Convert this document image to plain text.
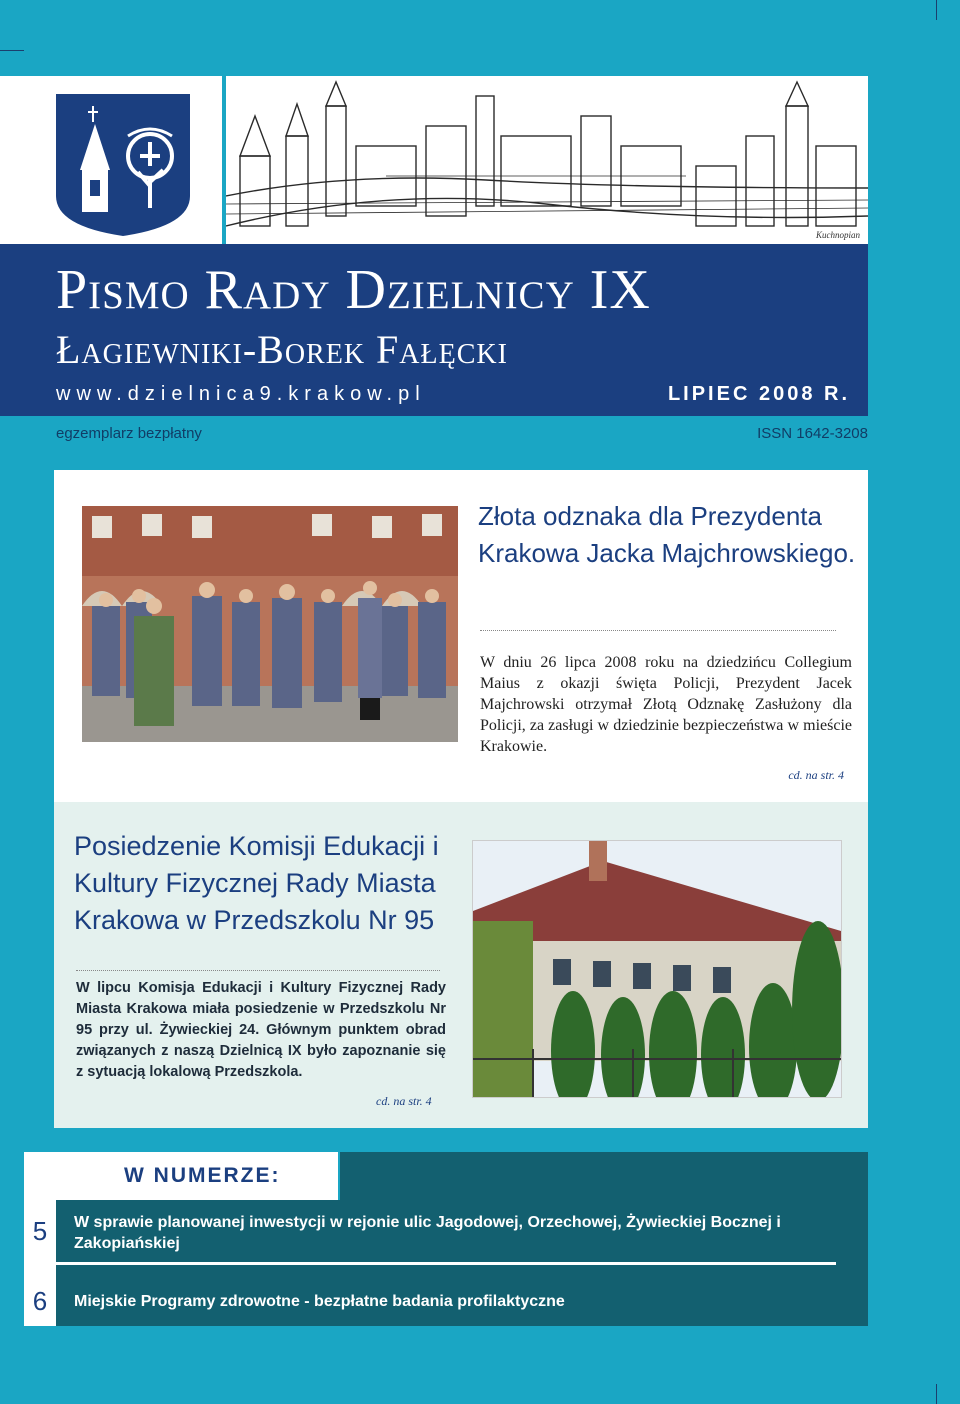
Kuchnopian
Pismo Rady Dzielnicy IX
Łagiewniki-Borek Fałęcki
www.dzielnica9.krakow.pl	LIPIEC 2008 R.
egzemplarz bezpłatny	ISSN 1642-3208
Złota odznaka dla Prezydenta Krakowa Jacka Majchrowskiego.

W dniu 26 lipca 2008 roku na dziedzińcu Collegium Maius z okazji święta Policji, Prezydent Jacek Majchrowski otrzymał Złotą Odznakę Zasłużony dla Policji, za zasługi w dziedzinie bezpieczeństwa w mieście Krakowie.

cd. na str. 4
Posiedzenie Komisji Edukacji i Kultury Fizycznej Rady Miasta Krakowa w Przedszkolu Nr 95

W lipcu Komisja Edukacji i Kultury Fizycznej Rady Miasta Krakowa miała posiedzenie w Przedszkolu Nr 95 przy ul. Żywieckiej 24. Głównym punktem obrad związanych z naszą Dzielnicą IX było zapoznanie się z sytuacją lokalową Przedszkola.

cd. na str. 4
W NUMERZE:
5	W sprawie planowanej inwestycji w rejonie ulic Jagodowej, Orzechowej, Żywieckiej Bocznej i Zakopiańskiej
6	Miejskie Programy zdrowotne - bezpłatne badania profilaktyczne
